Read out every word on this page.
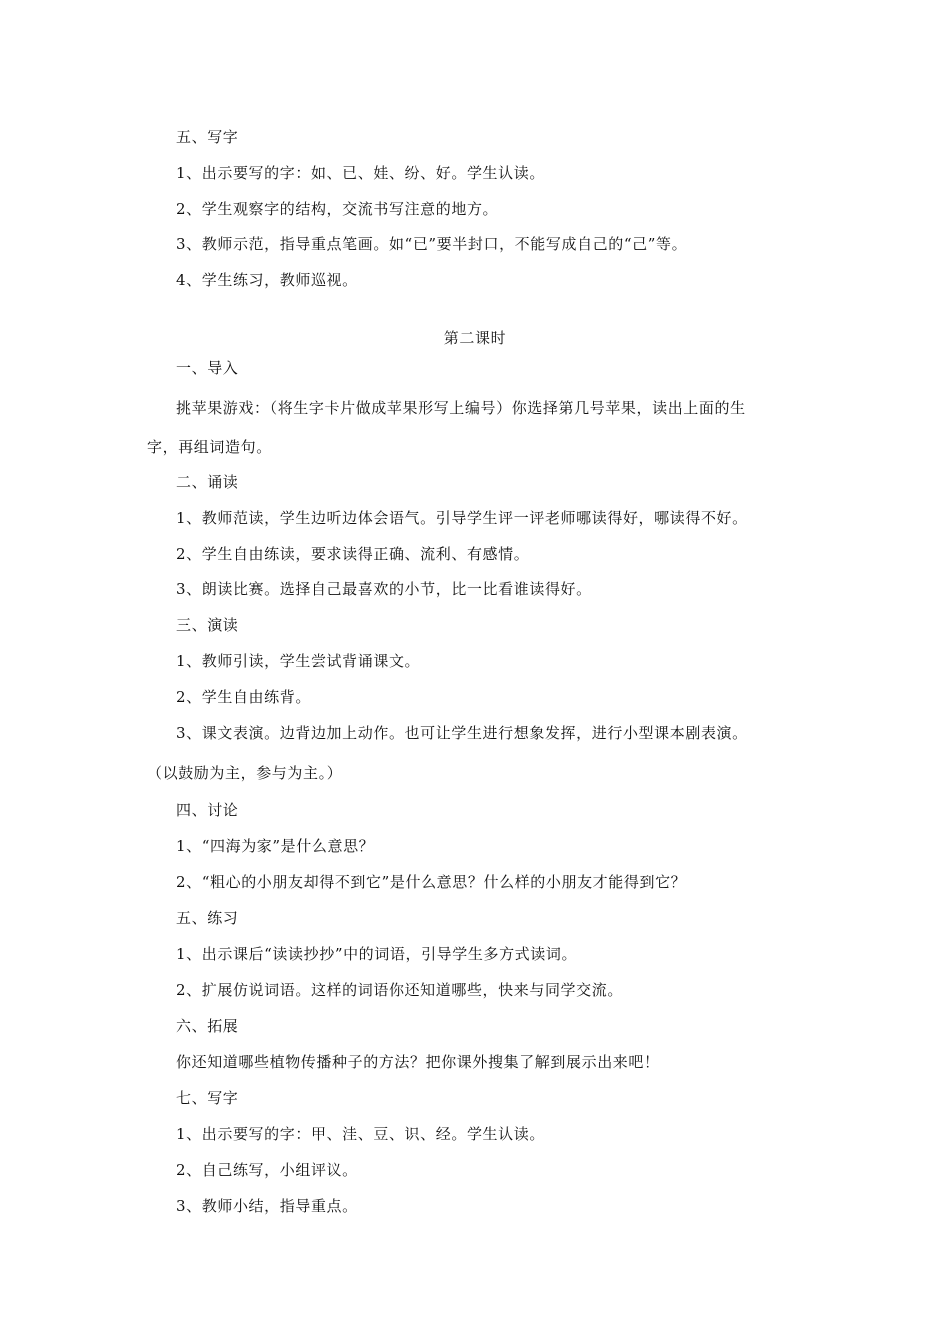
五、写字
1、出示要写的字：如、已、娃、纷、好。学生认读。
2、学生观察字的结构，交流书写注意的地方。
3、教师示范，指导重点笔画。如“已”要半封口，不能写成自己的“己”等。
4、学生练习，教师巡视。
第二课时
一、导入
挑苹果游戏：（将生字卡片做成苹果形写上编号）你选择第几号苹果，读出上面的生
字，再组词造句。
二、诵读
1、教师范读，学生边听边体会语气。引导学生评一评老师哪读得好，哪读得不好。
2、学生自由练读，要求读得正确、流利、有感情。
3、朗读比赛。选择自己最喜欢的小节，比一比看谁读得好。
三、演读
1、教师引读，学生尝试背诵课文。
2、学生自由练背。
3、课文表演。边背边加上动作。也可让学生进行想象发挥，进行小型课本剧表演。
（以鼓励为主，参与为主。）
四、讨论
1、“四海为家”是什么意思？
2、“粗心的小朋友却得不到它”是什么意思？什么样的小朋友才能得到它？
五、练习
1、出示课后“读读抄抄”中的词语，引导学生多方式读词。
2、扩展仿说词语。这样的词语你还知道哪些，快来与同学交流。
六、拓展
你还知道哪些植物传播种子的方法？把你课外搜集了解到展示出来吧！
七、写字
1、出示要写的字：甲、洼、豆、识、经。学生认读。
2、自己练写，小组评议。
3、教师小结，指导重点。
